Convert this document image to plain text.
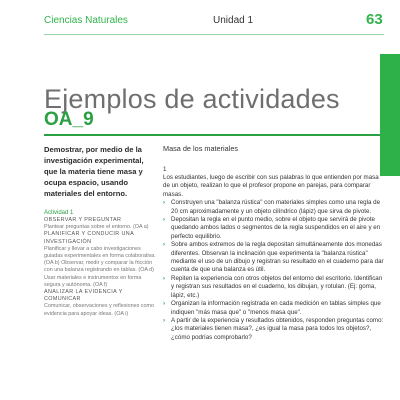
Ciencias Naturales	Unidad 1	63
Ejemplos de actividades
OA_9

Demostrar, por medio de la investigación experimental, que la materia tiene masa y ocupa espacio, usando materiales del entorno.

Actividad 1
OBSERVAR Y PREGUNTAR
Plantear preguntas sobre el entorno. (OA a)
PLANIFICAR Y CONDUCIR UNA INVESTIGACIÓN
Planificar y llevar a cabo investigaciones guiadas experimentales en forma colaborativa. (OA b) Observar, medir y comparar la fricción con una balanza registrando en tablas. (OA d) Usar materiales e instrumentos en forma segura y autónoma. (OA f)
ANALIZAR LA EVIDENCIA Y COMUNICAR
Comunicar, observaciones y reflexiones como evidencia para apoyar ideas. (OA i)

Masa de los materiales

1

Los estudiantes, luego de escribir con sus palabras lo que entienden por masa de un objeto, realizan lo que el profesor propone en parejas, para comparar masas.

› Construyen una "balanza rústica" con materiales simples como una regla de 20 cm aproximadamente y un objeto cilíndrico (lápiz) que sirva de pivote.
› Depositan la regla en el punto medio, sobre el objeto que servirá de pivote quedando ambos lados o segmentos de la regla suspendidos en el aire y en perfecto equilibrio.
› Sobre ambos extremos de la regla depositan simultáneamente dos monedas diferentes. Observan la inclinación que experimenta la "balanza rústica" mediante el uso de un dibujo y registran su resultado en el cuaderno para dar cuenta de que una balanza es útil.
› Repiten la experiencia con otros objetos del entorno del escritorio. Identifican y registran sus resultados en el cuaderno, los dibujan, y rotulan. (Ej: goma, lápiz, etc.)
› Organizan la información registrada en cada medición en tablas simples que indiquen "más masa que" o "menos masa que".
› A partir de la experiencia y resultados obtenidos, responden preguntas como: ¿los materiales tienen masa?, ¿es igual la masa para todos los objetos?, ¿cómo podrías comprobarlo?
